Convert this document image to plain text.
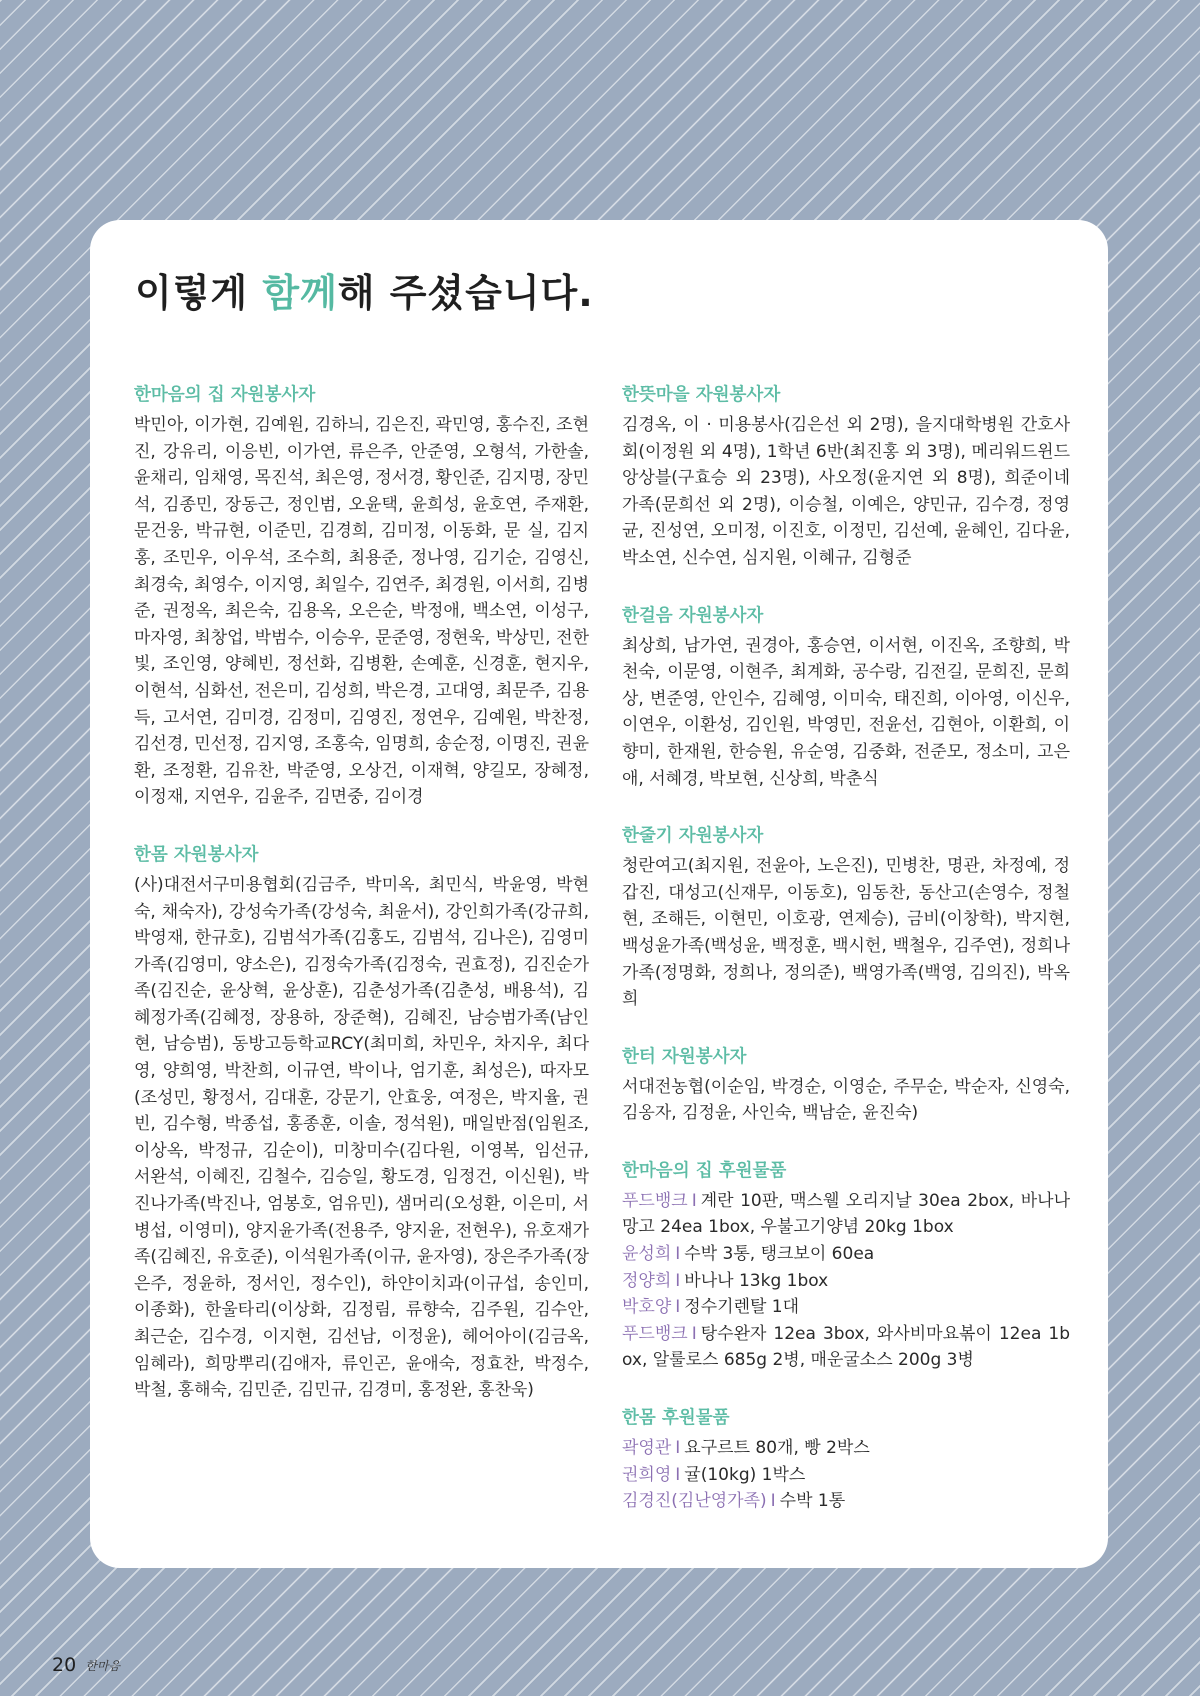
이렇게 함께해 주셨습니다.
한마음의 집 자원봉사자

박민아, 이가현, 김예원, 김하늬, 김은진, 곽민영, 홍수진, 조현진, 강유리, 이응빈, 이가연, 류은주, 안준영, 오형석, 가한솔, 윤채리, 임채영, 목진석, 최은영, 정서경, 황인준, 김지명, 장민석, 김종민, 장동근, 정인범, 오윤택, 윤희성, 윤호연, 주재환, 문건웅, 박규현, 이준민, 김경희, 김미정, 이동화, 문 실, 김지홍, 조민우, 이우석, 조수희, 최용준, 정나영, 김기순, 김영신, 최경숙, 최영수, 이지영, 최일수, 김연주, 최경원, 이서희, 김병준, 권정옥, 최은숙, 김용옥, 오은순, 박정애, 백소연, 이성구, 마자영, 최창업, 박범수, 이승우, 문준영, 정현욱, 박상민, 전한빛, 조인영, 양혜빈, 정선화, 김병환, 손예훈, 신경훈, 현지우, 이현석, 심화선, 전은미, 김성희, 박은경, 고대영, 최문주, 김용득, 고서연, 김미경, 김정미, 김영진, 정연우, 김예원, 박찬정, 김선경, 민선정, 김지영, 조홍숙, 임명희, 송순정, 이명진, 권윤환, 조정환, 김유찬, 박준영, 오상건, 이재혁, 양길모, 장혜정, 이정재, 지연우, 김윤주, 김면중, 김이경

한몸 자원봉사자

(사)대전서구미용협회(김금주, 박미옥, 최민식, 박윤영, 박현숙, 채숙자), 강성숙가족(강성숙, 최윤서), 강인희가족(강규희, 박영재, 한규호), 김범석가족(김홍도, 김범석, 김나은), 김영미가족(김영미, 양소은), 김정숙가족(김정숙, 권효정), 김진순가족(김진순, 윤상혁, 윤상훈), 김춘성가족(김춘성, 배용석), 김혜정가족(김혜정, 장용하, 장준혁), 김혜진, 남승범가족(남인현, 남승범), 동방고등학교RCY(최미희, 차민우, 차지우, 최다영, 양희영, 박찬희, 이규연, 박이나, 엄기훈, 최성은), 따자모(조성민, 황정서, 김대훈, 강문기, 안효웅, 여정은, 박지율, 권빈, 김수형, 박종섭, 홍종훈, 이솔, 정석원), 매일반점(임원조, 이상옥, 박정규, 김순이), 미창미수(김다원, 이영복, 임선규, 서완석, 이혜진, 김철수, 김승일, 황도경, 임정건, 이신원), 박진나가족(박진나, 엄봉호, 엄유민), 샘머리(오성환, 이은미, 서병섭, 이영미), 양지윤가족(전용주, 양지윤, 전현우), 유호재가족(김혜진, 유호준), 이석원가족(이규, 윤자영), 장은주가족(장은주, 정윤하, 정서인, 정수인), 하얀이치과(이규섭, 송인미, 이종화), 한울타리(이상화, 김정림, 류향숙, 김주원, 김수안, 최근순, 김수경, 이지현, 김선남, 이정윤), 헤어아이(김금옥, 임혜라), 희망뿌리(김애자, 류인곤, 윤애숙, 정효찬, 박정수, 박철, 홍해숙, 김민준, 김민규, 김경미, 홍정완, 홍찬욱)

한뜻마을 자원봉사자

김경옥, 이 · 미용봉사(김은선 외 2명), 을지대학병원 간호사회(이정원 외 4명), 1학년 6반(최진홍 외 3명), 메리워드윈드 앙상블(구효승 외 23명), 사오정(윤지연 외 8명), 희준이네 가족(문희선 외 2명), 이승철, 이예은, 양민규, 김수경, 정영균, 진성연, 오미정, 이진호, 이정민, 김선예, 윤혜인, 김다윤, 박소연, 신수연, 심지원, 이혜규, 김형준

한걸음 자원봉사자

최상희, 남가연, 권경아, 홍승연, 이서현, 이진옥, 조향희, 박천숙, 이문영, 이현주, 최계화, 공수랑, 김전길, 문희진, 문희상, 변준영, 안인수, 김혜영, 이미숙, 태진희, 이아영, 이신우, 이연우, 이환성, 김인원, 박영민, 전윤선, 김현아, 이환희, 이향미, 한재원, 한승원, 유순영, 김중화, 전준모, 정소미, 고은애, 서혜경, 박보현, 신상희, 박춘식

한줄기 자원봉사자

청란여고(최지원, 전윤아, 노은진), 민병찬, 명관, 차정예, 정갑진, 대성고(신재무, 이동호), 임동찬, 동산고(손영수, 정철현, 조해든, 이현민, 이호광, 연제승), 금비(이창학), 박지현, 백성윤가족(백성윤, 백정훈, 백시헌, 백철우, 김주연), 정희나가족(정명화, 정희나, 정의준), 백영가족(백영, 김의진), 박옥희

한터 자원봉사자

서대전농협(이순임, 박경순, 이영순, 주무순, 박순자, 신영숙, 김옹자, 김정윤, 사인숙, 백남순, 윤진숙)

한마음의 집 후원물품
푸드뱅크 I 계란 10판, 맥스웰 오리지날 30ea 2box, 바나나망고 24ea 1box, 우불고기양념 20kg 1box
윤성희 I 수박 3통, 탱크보이 60ea
정양희 I 바나나 13kg 1box
박호양 I 정수기렌탈 1대
푸드뱅크 I 탕수완자 12ea 3box, 와사비마요볶이 12ea 1box, 알룰로스 685g 2병, 매운굴소스 200g 3병
한몸 후원물품
곽영관 I 요구르트 80개, 빵 2박스
권희영 I 귤(10kg) 1박스
김경진(김난영가족) I 수박 1통
20 한마음
